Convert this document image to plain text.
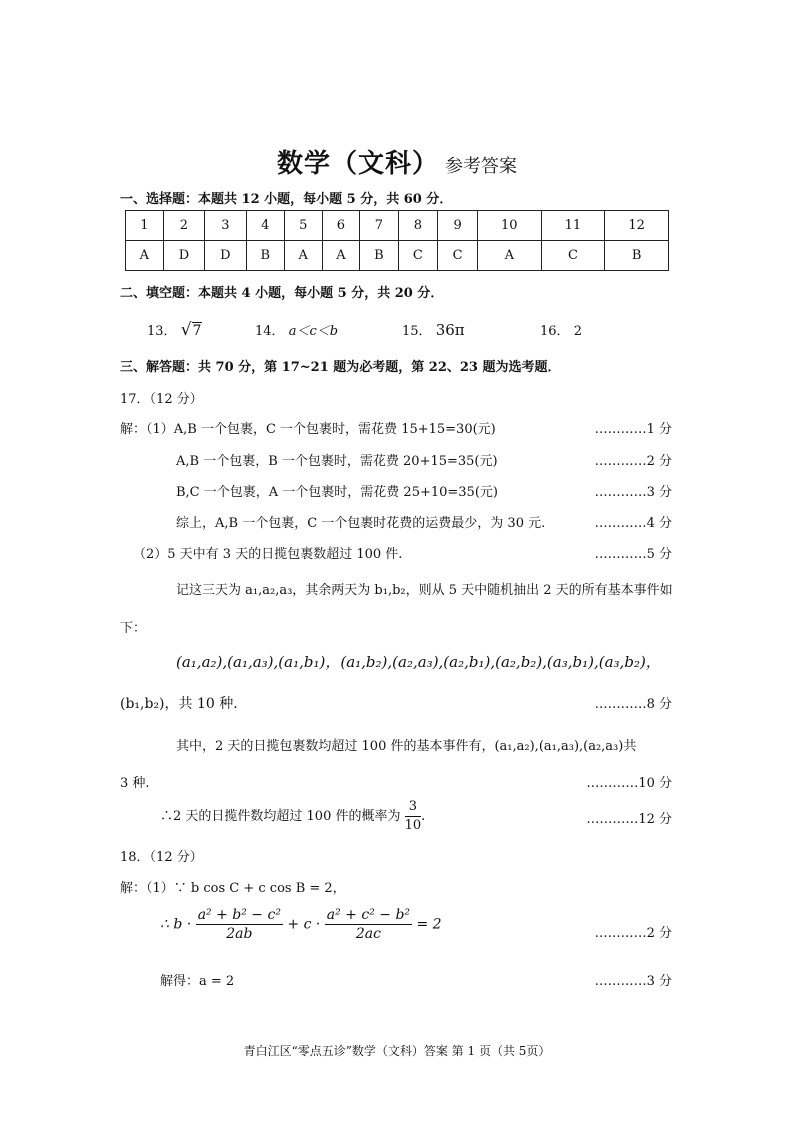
数学（文科） 参考答案
一、选择题：本题共 12 小题，每小题 5 分，共 60 分．
1	2	3	4	5	6	7	8	9	10	11	12
A	D	D	B	A	A	B	C	C	A	C	B
二、填空题：本题共 4 小题，每小题 5 分，共 20 分．
13． √7	14． a＜c＜b	15． 36π	16． 2
三、解答题：共 70 分，第 17~21 题为必考题，第 22、23 题为选考题．
17．（12 分）
解：（1）A,B 一个包裹，C 一个包裹时，需花费 15+15=30(元)	…………1 分
A,B 一个包裹，B 一个包裹时，需花费 20+15=35(元)	…………2 分
B,C 一个包裹，A 一个包裹时，需花费 25+10=35(元)	…………3 分
综上，A,B 一个包裹，C 一个包裹时花费的运费最少，为 30 元.	…………4 分
（2）5 天中有 3 天的日揽包裹数超过 100 件.	…………5 分
记这三天为 a₁,a₂,a₃，其余两天为 b₁,b₂，则从 5 天中随机抽出 2 天的所有基本事件如
下：
(a₁,a₂),(a₁,a₃),(a₁,b₁)，(a₁,b₂),(a₂,a₃),(a₂,b₁),(a₂,b₂),(a₃,b₁),(a₃,b₂)，
(b₁,b₂)，共 10 种.	…………8 分
其中，2 天的日揽包裹数均超过 100 件的基本事件有，(a₁,a₂),(a₁,a₃),(a₂,a₃)共
3 种.	…………10 分
∴2 天的日揽件数均超过 100 件的概率为 $\frac{3}{10}$ .	…………12 分
18．（12 分）
解：（1）∵ b cos C + c cos B = 2，
∴ $b \cdot \frac{\text{a² + b² − c²}}{2ab} + c \cdot \frac{\text{a² + c² − b²}}{2ac} = 2$
…………2 分
解得：a = 2	…………3 分
青白江区“零点五诊”数学（文科）答案 第 1 页（共 5页）
